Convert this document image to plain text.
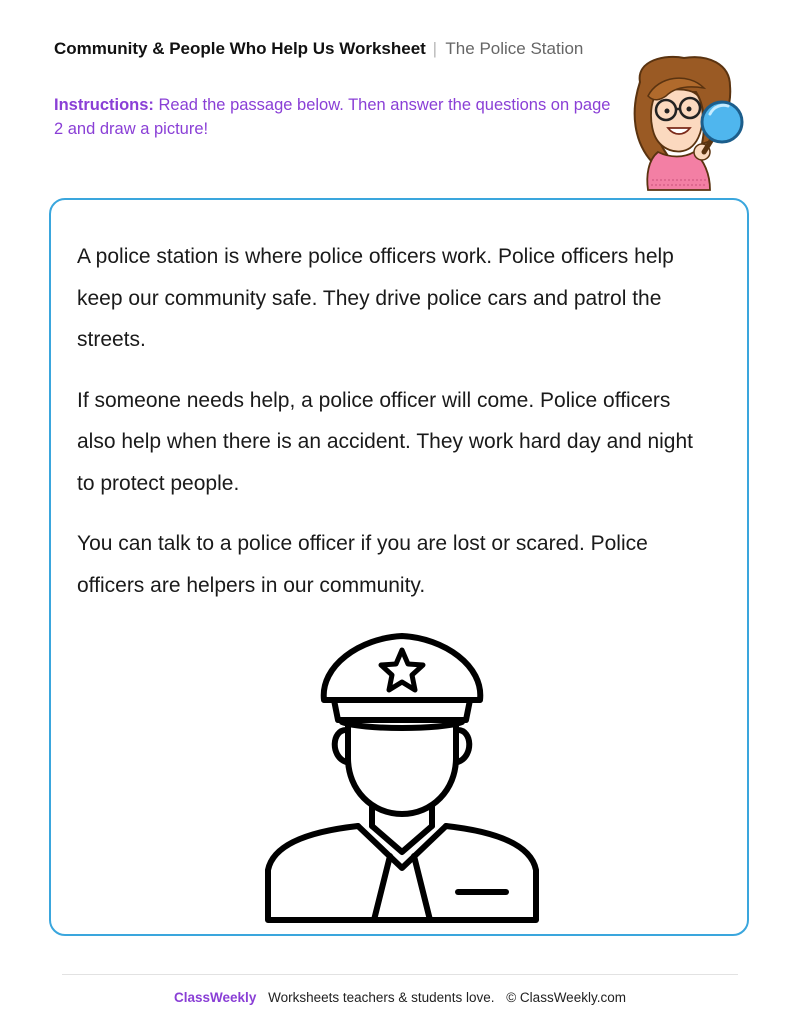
Community & People Who Help Us Worksheet | The Police Station
Instructions: Read the passage below. Then answer the questions on page 2 and draw a picture!

A police station is where police officers work. Police officers help keep our community safe. They drive police cars and patrol the streets.

If someone needs help, a police officer will come. Police officers also help when there is an accident. They work hard day and night to protect people.

You can talk to a police officer if you are lost or scared. Police officers are helpers in our community.

ClassWeekly Worksheets teachers & students love. © ClassWeekly.com
